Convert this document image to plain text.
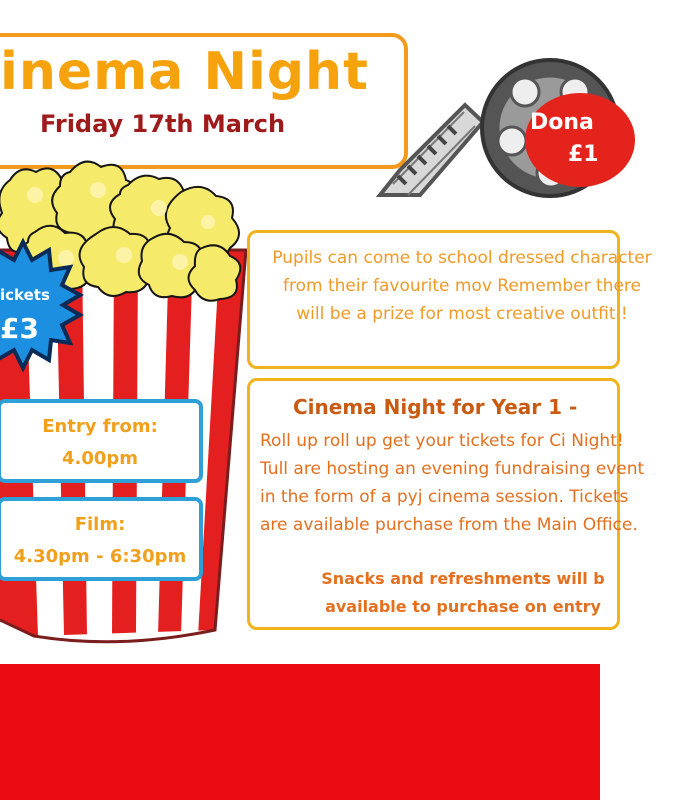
inema Night
Friday 17th March	Dona
£1
ickets
£3
Entry from:
4.00pm
Film:
4.30pm - 6:30pm
Pupils can come to school dressed character from their favourite mov Remember there will be a prize for most creative outfit !
Cinema Night for Year 1 -
Roll up roll up get your tickets for Ci Night! Tull are hosting an evening fundraising event in the form of a pyj cinema session. Tickets are available purchase from the Main Office.
Snacks and refreshments will b available to purchase on entry
